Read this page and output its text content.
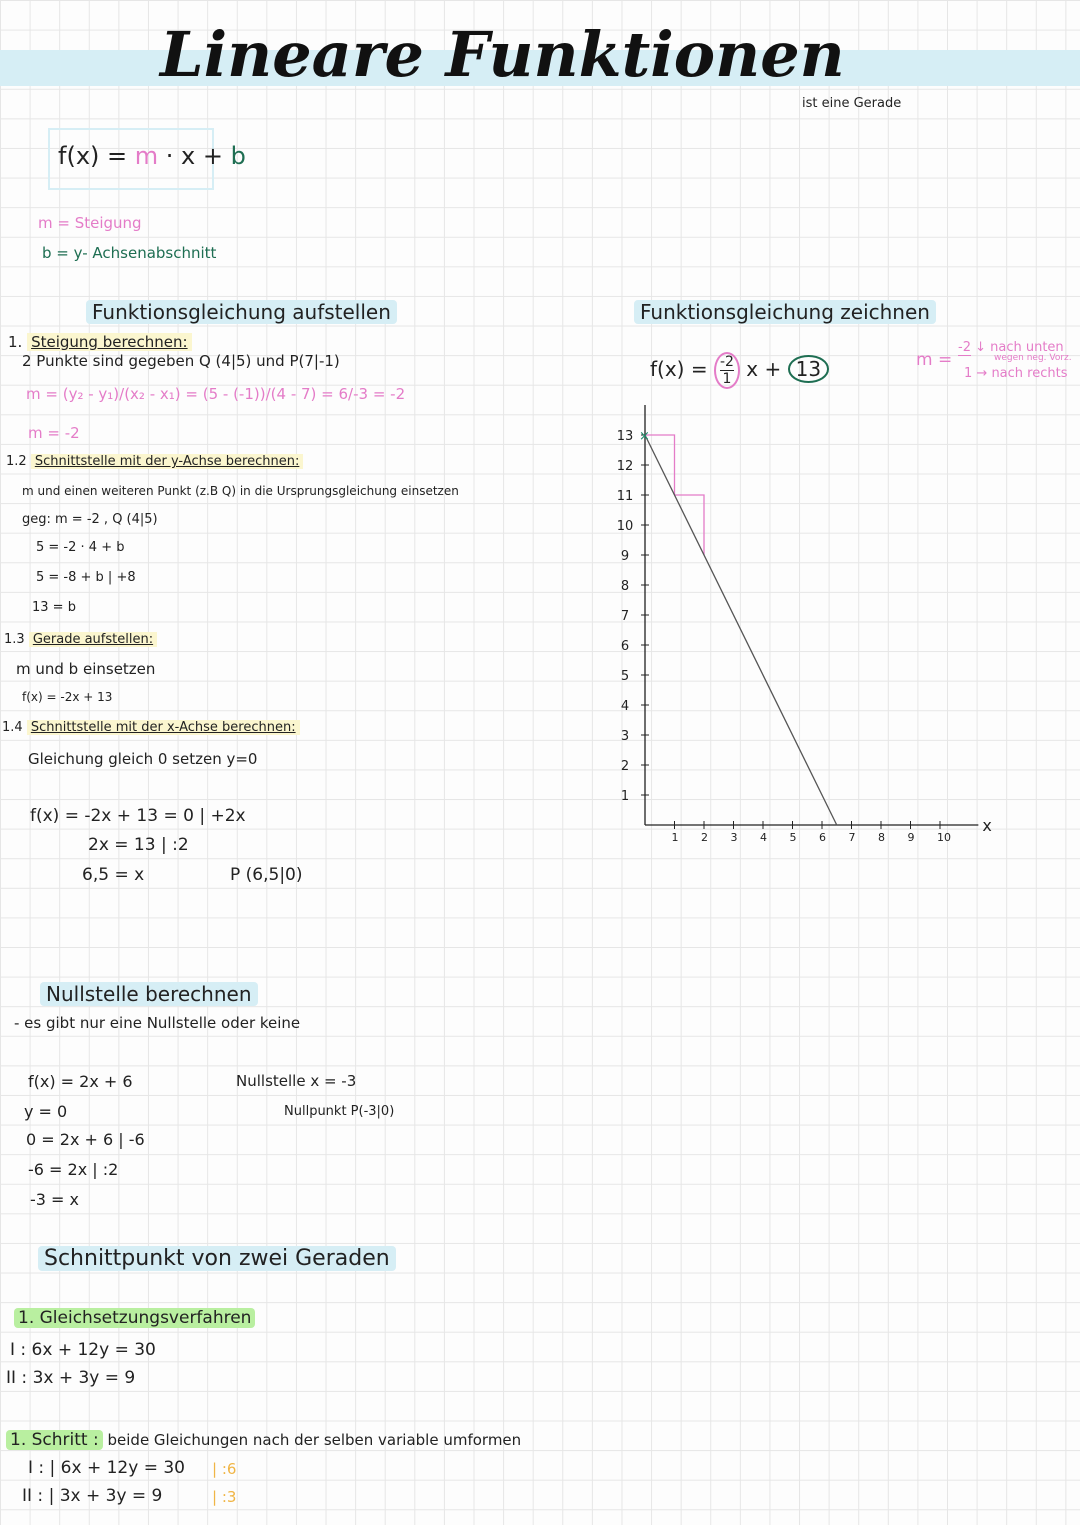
Lineare Funktionen
ist eine Gerade
f(x) = m · x + b
m = Steigung
b = y- Achsenabschnitt
Funktionsgleichung aufstellen
1. Steigung berechnen:
2 Punkte sind gegeben Q (4|5) und P(7|-1)
m = (y₂ - y₁)/(x₂ - x₁) = (5 - (-1))/(4 - 7) = 6/-3 = -2
m = -2
1.2 Schnittstelle mit der y-Achse berechnen:
m und einen weiteren Punkt (z.B Q) in die Ursprungsgleichung einsetzen
geg: m = -2 , Q (4|5)
5 = -2 · 4 + b
5 = -8 + b | +8
13 = b
1.3 Gerade aufstellen:
m und b einsetzen
f(x) = -2x + 13
1.4 Schnittstelle mit der x-Achse berechnen:
Gleichung gleich 0 setzen y=0
f(x) = -2x + 13 = 0 | +2x
2x = 13 | :2
6,5 = x	P (6,5|0)
Funktionsgleichung zeichnen
$f(x) = \frac{-2}{1}$ x + 13	m =
-2 ↓ nach unten
wegen neg. Vorz.
1 → nach rechts
x
1 2 3 4 5 6 7 8 9 10
1
2
3
4
5
6
7
8
9
10
11
12
13 ×
Nullstelle berechnen
- es gibt nur eine Nullstelle oder keine
f(x) = 2x + 6
y = 0
0 = 2x + 6 | -6
-6 = 2x | :2
-3 = x
Nullstelle x = -3
Nullpunkt P(-3|0)
Schnittpunkt von zwei Geraden
1. Gleichsetzungsverfahren
I : 6x + 12y = 30
II : 3x + 3y = 9
1. Schritt : beide Gleichungen nach der selben variable umformen
I : | 6x + 12y = 30
II : | 3x + 3y = 9
| :6
| :3
